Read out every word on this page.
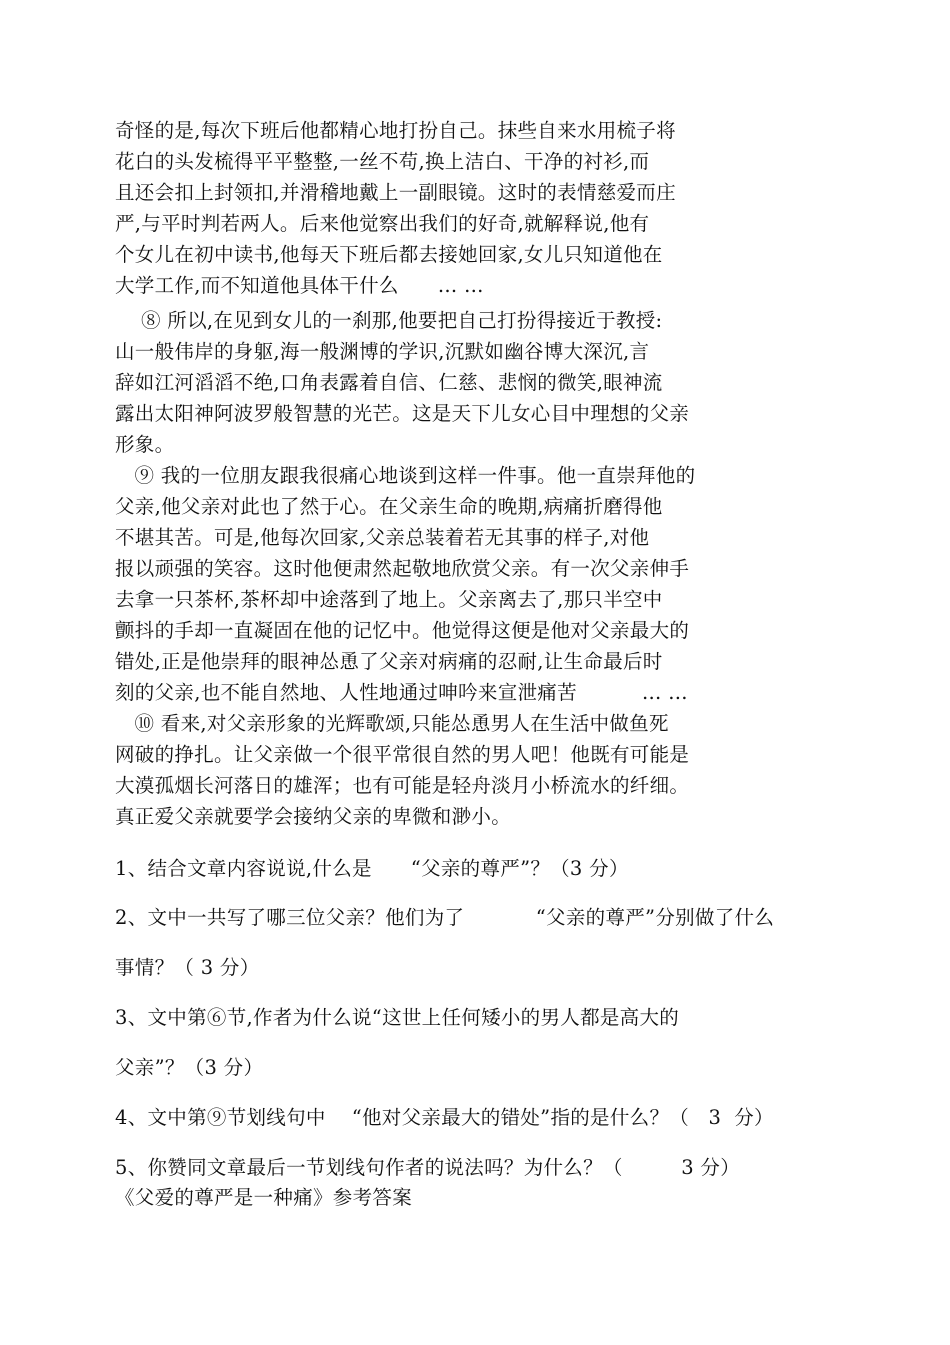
奇怪的是,每次下班后他都精心地打扮自己。抹些自来水用梳子将
花白的头发梳得平平整整,一丝不苟,换上洁白、干净的衬衫,而
且还会扣上封领扣,并滑稽地戴上一副眼镜。这时的表情慈爱而庄
严,与平时判若两人。后来他觉察出我们的好奇,就解释说,他有
个女儿在初中读书,他每天下班后都去接她回家,女儿只知道他在
大学工作,而不知道他具体干什么      … …
⑧ 所以,在见到女儿的一刹那,他要把自己打扮得接近于教授:
山一般伟岸的身躯,海一般渊博的学识,沉默如幽谷博大深沉,言
辞如江河滔滔不绝,口角表露着自信、仁慈、悲悯的微笑,眼神流
露出太阳神阿波罗般智慧的光芒。这是天下儿女心目中理想的父亲
形象。
⑨ 我的一位朋友跟我很痛心地谈到这样一件事。他一直崇拜他的
父亲,他父亲对此也了然于心。在父亲生命的晚期,病痛折磨得他
不堪其苦。可是,他每次回家,父亲总装着若无其事的样子,对他
报以顽强的笑容。这时他便肃然起敬地欣赏父亲。有一次父亲伸手
去拿一只茶杯,茶杯却中途落到了地上。父亲离去了,那只半空中
颤抖的手却一直凝固在他的记忆中。他觉得这便是他对父亲最大的
错处,正是他崇拜的眼神怂恿了父亲对病痛的忍耐,让生命最后时
刻的父亲,也不能自然地、人性地通过呻吟来宣泄痛苦          … …
⑩ 看来,对父亲形象的光辉歌颂,只能怂恿男人在生活中做鱼死
网破的挣扎。让父亲做一个很平常很自然的男人吧！他既有可能是
大漠孤烟长河落日的雄浑；也有可能是轻舟淡月小桥流水的纤细。
真正爱父亲就要学会接纳父亲的卑微和渺小。
1、结合文章内容说说,什么是      “父亲的尊严”？（3 分）
2、文中一共写了哪三位父亲？他们为了           “父亲的尊严”分别做了什么
事情？（ 3 分）
3、文中第⑥节,作者为什么说“这世上任何矮小的男人都是高大的
父亲”？（3 分）
4、文中第⑨节划线句中    “他对父亲最大的错处”指的是什么？（   3  分）
5、你赞同文章最后一节划线句作者的说法吗？为什么？（         3 分）
《父爱的尊严是一种痛》参考答案
